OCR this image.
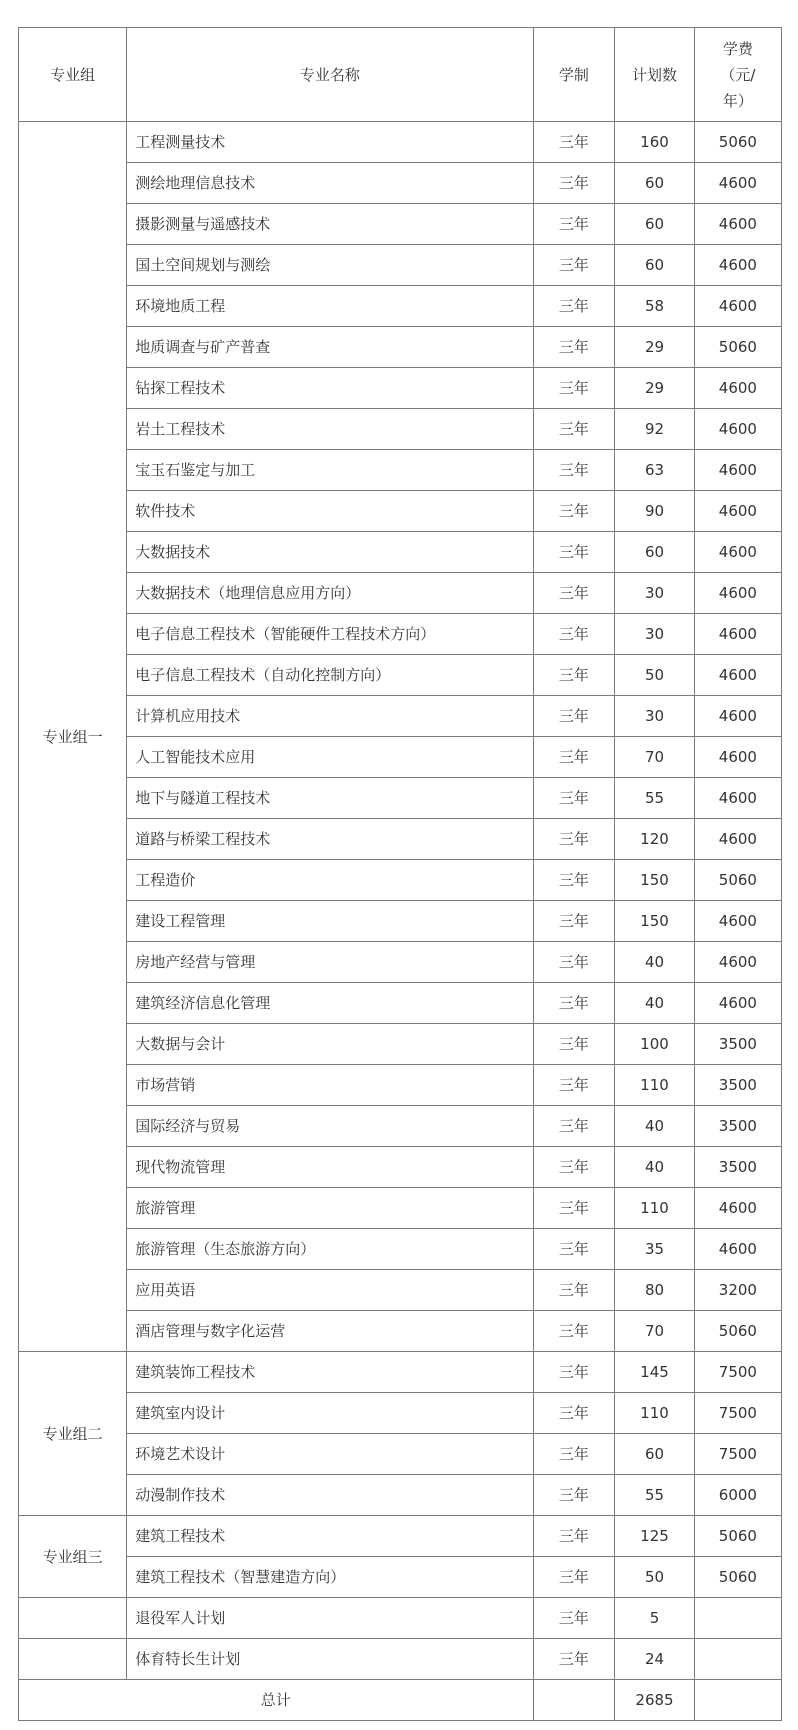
专业组	专业名称	学制	计划数	学费
（元/
年）

专业组一	工程测量技术	三年	160	5060
	测绘地理信息技术	三年	60	4600
	摄影测量与遥感技术	三年	60	4600
	国土空间规划与测绘	三年	60	4600
	环境地质工程	三年	58	4600
	地质调查与矿产普查	三年	29	5060
	钻探工程技术	三年	29	4600
	岩土工程技术	三年	92	4600
	宝玉石鉴定与加工	三年	63	4600
	软件技术	三年	90	4600
	大数据技术	三年	60	4600
	大数据技术（地理信息应用方向）	三年	30	4600
	电子信息工程技术（智能硬件工程技术方向）	三年	30	4600
	电子信息工程技术（自动化控制方向）	三年	50	4600
	计算机应用技术	三年	30	4600
	人工智能技术应用	三年	70	4600
	地下与隧道工程技术	三年	55	4600
	道路与桥梁工程技术	三年	120	4600
	工程造价	三年	150	5060
	建设工程管理	三年	150	4600
	房地产经营与管理	三年	40	4600
	建筑经济信息化管理	三年	40	4600
	大数据与会计	三年	100	3500
	市场营销	三年	110	3500
	国际经济与贸易	三年	40	3500
	现代物流管理	三年	40	3500
	旅游管理	三年	110	4600
	旅游管理（生态旅游方向）	三年	35	4600
	应用英语	三年	80	3200
	酒店管理与数字化运营	三年	70	5060
专业组二	建筑装饰工程技术	三年	145	7500
	建筑室内设计	三年	110	7500
	环境艺术设计	三年	60	7500
	动漫制作技术	三年	55	6000
专业组三	建筑工程技术	三年	125	5060
	建筑工程技术（智慧建造方向）	三年	50	5060
	退役军人计划	三年	5	
	体育特长生计划	三年	24	
总计			2685	
